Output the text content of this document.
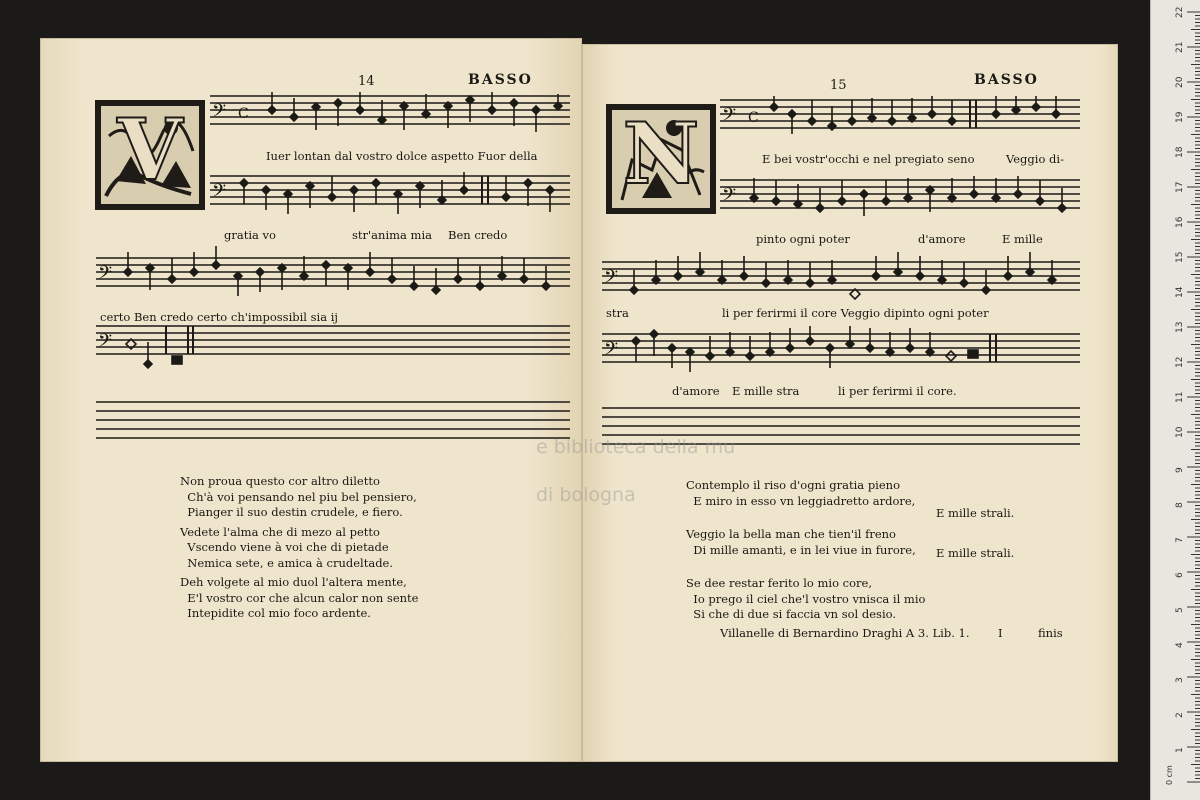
14	BASSO
V	𝄢 C
Iuer lontan dal vostro dolce aspetto Fuor della
𝄢
gratia vo	str'anima mia Ben credo
𝄢
certo Ben credo certo ch'impossibil sia ij
𝄢
Non proua questo cor altro diletto
Ch'à voi pensando nel piu bel pensiero,
Pianger il suo destin crudele, e fiero.

Vedete l'alma che di mezo al petto
Vscendo viene à voi che di pietade
Nemica sete, e amica à crudeltade.

Deh volgete al mio duol l'altera mente,
E'l vostro cor che alcun calor non sente
Intepidite col mio foco ardente.
15	BASSO
N	𝄢 C
E bei vostr'occhi e nel pregiato seno	Veggio di-
𝄢
pinto ogni poter	d'amore	E mille
𝄢
stra	li per ferirmi il core Veggio dipinto ogni poter
𝄢
d'amore E mille stra	li per ferirmi il core.
Contemplo il riso d'ogni gratia pieno
E miro in esso vn leggiadretto ardore,

Veggio la bella man che tien'il freno
Di mille amanti, e in lei viue in furore,

Se dee restar ferito lo mio core,
Io prego il ciel che'l vostro vnisca il mio
Si che di due si faccia vn sol desio.
E mille strali.
E mille strali.
Villanelle di Bernardino Draghi A 3. Lib. 1. I	finis
e biblioteca della mu
di bologna
1
2
3
4
5
6
7
8
9
10
11
12
13
14
15
16
17
18
19
20
21
22
0 cm
